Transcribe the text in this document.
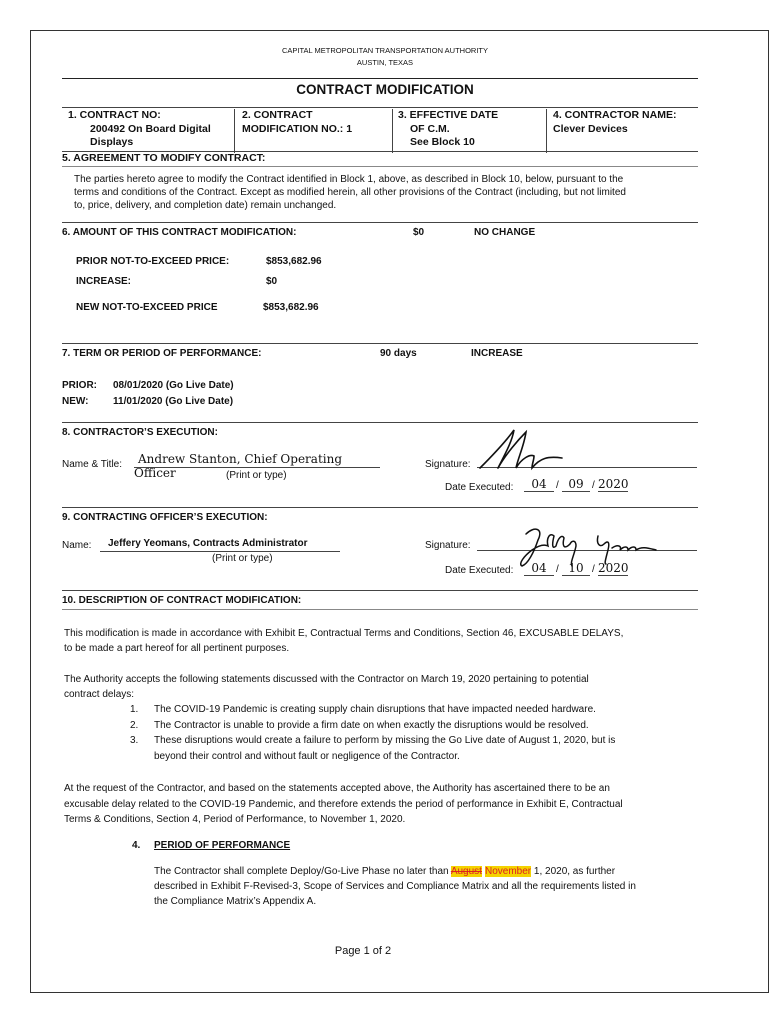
CAPITAL METROPOLITAN TRANSPORTATION AUTHORITY
AUSTIN, TEXAS
CONTRACT MODIFICATION
1. CONTRACT NO:
200492 On Board Digital
Displays
2. CONTRACT
MODIFICATION NO.: 1
3. EFFECTIVE DATE
OF C.M.
See Block 10
4. CONTRACTOR NAME:
Clever Devices
5. AGREEMENT TO MODIFY CONTRACT:
The parties hereto agree to modify the Contract identified in Block 1, above, as described in Block 10, below, pursuant to the
terms and conditions of the Contract. Except as modified herein, all other provisions of the Contract (including, but not limited
to, price, delivery, and completion date) remain unchanged.
6. AMOUNT OF THIS CONTRACT MODIFICATION:	$0	NO CHANGE
PRIOR NOT-TO-EXCEED PRICE:	$853,682.96
INCREASE:	$0
NEW NOT-TO-EXCEED PRICE	$853,682.96
7. TERM OR PERIOD OF PERFORMANCE:	90 days	INCREASE
PRIOR: 08/01/2020 (Go Live Date)
NEW: 11/01/2020 (Go Live Date)
8. CONTRACTOR’S EXECUTION:
Name & Title:	Andrew Stanton, Chief Operating Officer	(Print or type)
Signature:
Date Executed:	04 / 09 / 2020
9. CONTRACTING OFFICER’S EXECUTION:
Name:	Jeffery Yeomans, Contracts Administrator
(Print or type)
Signature:
Date Executed:	04 / 10 / 2020
10. DESCRIPTION OF CONTRACT MODIFICATION:
This modification is made in accordance with Exhibit E, Contractual Terms and Conditions, Section 46, EXCUSABLE DELAYS,
to be made a part hereof for all pertinent purposes.
The Authority accepts the following statements discussed with the Contractor on March 19, 2020 pertaining to potential
contract delays:
1. The COVID-19 Pandemic is creating supply chain disruptions that have impacted needed hardware.
2. The Contractor is unable to provide a firm date on when exactly the disruptions would be resolved.
3. These disruptions would create a failure to perform by missing the Go Live date of August 1, 2020, but is
beyond their control and without fault or negligence of the Contractor.
At the request of the Contractor, and based on the statements accepted above, the Authority has ascertained there to be an
excusable delay related to the COVID-19 Pandemic, and therefore extends the period of performance in Exhibit E, Contractual
Terms & Conditions, Section 4, Period of Performance, to November 1, 2020.
4. PERIOD OF PERFORMANCE
The Contractor shall complete Deploy/Go-Live Phase no later than August November 1, 2020, as further
described in Exhibit F-Revised-3, Scope of Services and Compliance Matrix and all the requirements listed in
the Compliance Matrix’s Appendix A.
Page 1 of 2
